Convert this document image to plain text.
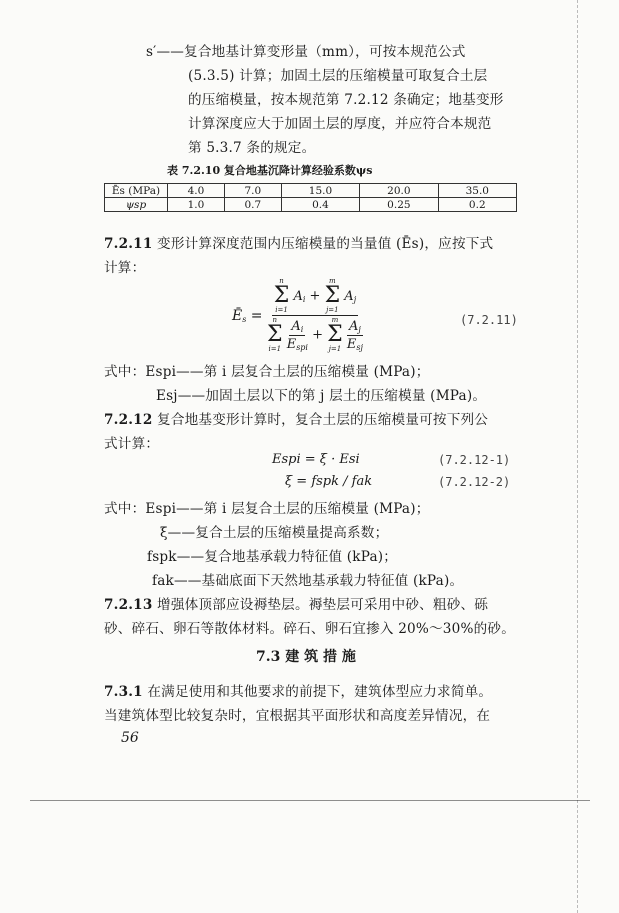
s′——复合地基计算变形量（mm），可按本规范公式
(5.3.5) 计算；加固土层的压缩模量可取复合土层
的压缩模量，按本规范第 7.2.12 条确定；地基变形
计算深度应大于加固土层的厚度，并应符合本规范
第 5.3.7 条的规定。
表 7.2.10 复合地基沉降计算经验系数ψs
Ēs (MPa)	4.0	7.0	15.0	20.0	35.0
ψsp	1.0	0.7	0.4	0.25	0.2
7.2.11 变形计算深度范围内压缩模量的当量值 (Ēs)，应按下式
计算：
$Ē_s = n$
Σ
i=1
$A_i$ +
m
Σ
j=1
$A_j$
n
Σ
i=1
$\frac{A_i}{E_{spi}}$ +
m
Σ
j=1
$\frac{A_j}{E_{sj}}$	(7.2.11)
式中：Espi——第 i 层复合土层的压缩模量 (MPa)；
Esj——加固土层以下的第 j 层土的压缩模量 (MPa)。
7.2.12 复合地基变形计算时，复合土层的压缩模量可按下列公
式计算：
Espi = ξ · Esi	(7.2.12-1)
ξ = fspk / fak	(7.2.12-2)
式中：Espi——第 i 层复合土层的压缩模量 (MPa)；
ξ——复合土层的压缩模量提高系数；
fspk——复合地基承载力特征值 (kPa)；
fak——基础底面下天然地基承载力特征值 (kPa)。
7.2.13 增强体顶部应设褥垫层。褥垫层可采用中砂、粗砂、砾
砂、碎石、卵石等散体材料。碎石、卵石宜掺入 20%～30%的砂。
7.3 建 筑 措 施
7.3.1 在满足使用和其他要求的前提下，建筑体型应力求简单。
当建筑体型比较复杂时，宜根据其平面形状和高度差异情况，在
56
